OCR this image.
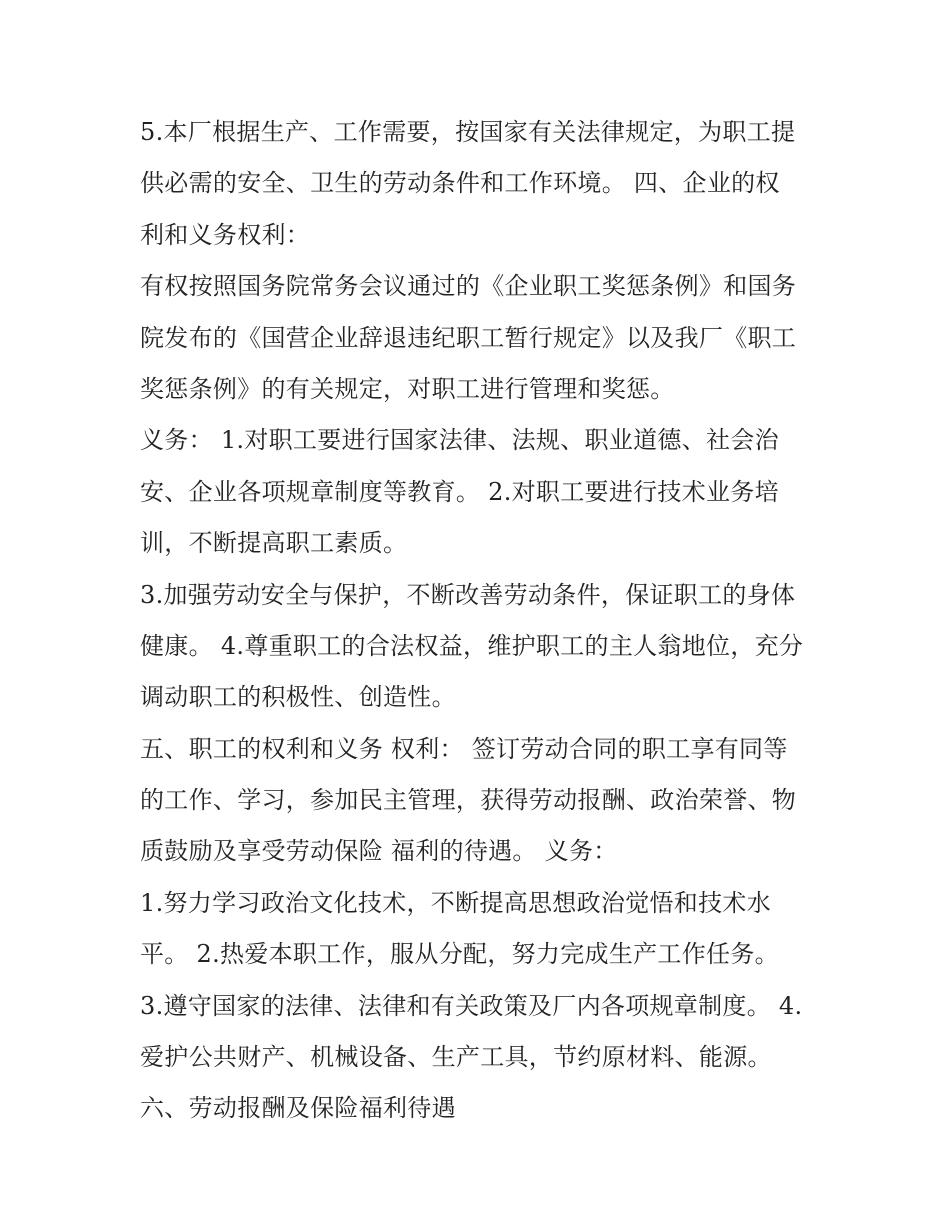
5.本厂根据生产、工作需要，按国家有关法律规定，为职工提
供必需的安全、卫生的劳动条件和工作环境。 四、企业的权
利和义务权利：
有权按照国务院常务会议通过的《企业职工奖惩条例》和国务
院发布的《国营企业辞退违纪职工暂行规定》以及我厂《职工
奖惩条例》的有关规定，对职工进行管理和奖惩。
义务： 1.对职工要进行国家法律、法规、职业道德、社会治
安、企业各项规章制度等教育。 2.对职工要进行技术业务培
训，不断提高职工素质。
3.加强劳动安全与保护，不断改善劳动条件，保证职工的身体
健康。 4.尊重职工的合法权益，维护职工的主人翁地位，充分
调动职工的积极性、创造性。
五、职工的权利和义务 权利： 签订劳动合同的职工享有同等
的工作、学习，参加民主管理，获得劳动报酬、政治荣誉、物
质鼓励及享受劳动保险 福利的待遇。 义务：
1.努力学习政治文化技术，不断提高思想政治觉悟和技术水
平。 2.热爱本职工作，服从分配，努力完成生产工作任务。
3.遵守国家的法律、法律和有关政策及厂内各项规章制度。 4.
爱护公共财产、机械设备、生产工具，节约原材料、能源。
六、劳动报酬及保险福利待遇
